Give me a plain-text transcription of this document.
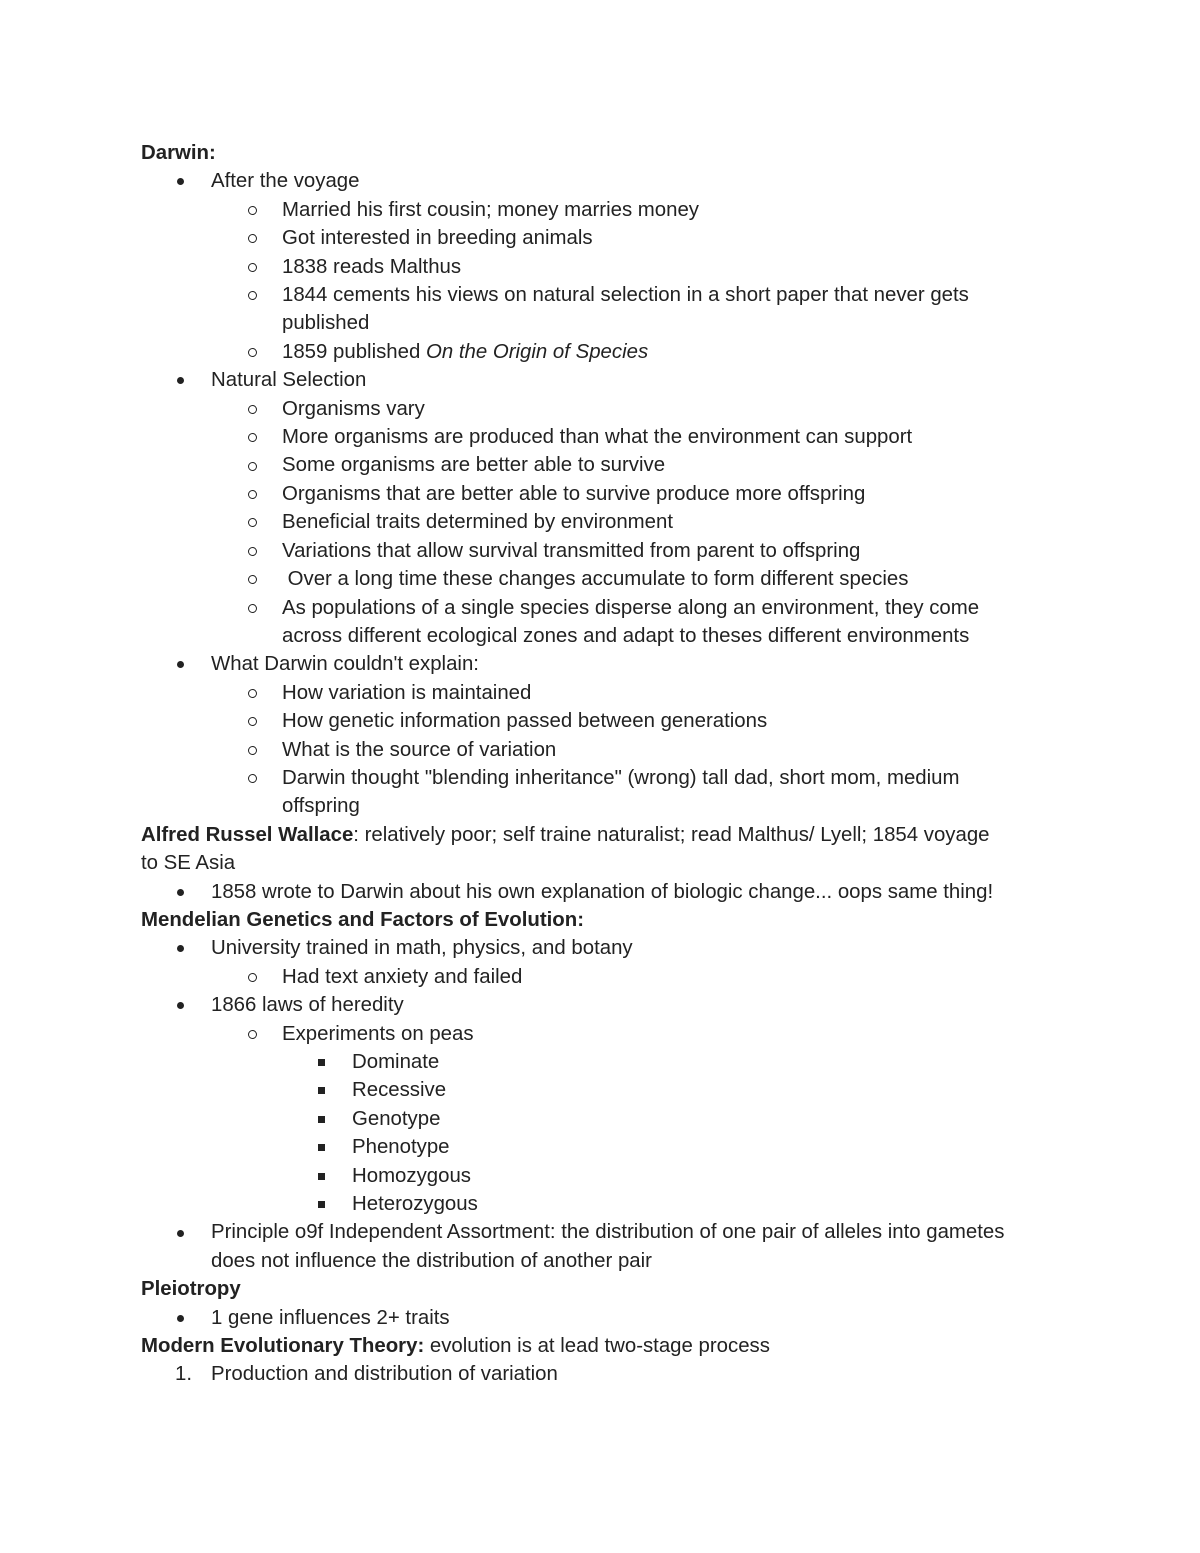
Darwin:
After the voyage
Married his first cousin; money marries money
Got interested in breeding animals
1838 reads Malthus
1844 cements his views on natural selection in a short paper that never gets
published
1859 published On the Origin of Species
Natural Selection
Organisms vary
More organisms are produced than what the environment can support
Some organisms are better able to survive
Organisms that are better able to survive produce more offspring
Beneficial traits determined by environment
Variations that allow survival transmitted from parent to offspring
Over a long time these changes accumulate to form different species
As populations of a single species disperse along an environment, they come
across different ecological zones and adapt to theses different environments
What Darwin couldn't explain:
How variation is maintained
How genetic information passed between generations
What is the source of variation
Darwin thought "blending inheritance" (wrong) tall dad, short mom, medium
offspring
Alfred Russel Wallace: relatively poor; self traine naturalist; read Malthus/ Lyell; 1854 voyage
to SE Asia
1858 wrote to Darwin about his own explanation of biologic change... oops same thing!
Mendelian Genetics and Factors of Evolution:
University trained in math, physics, and botany
Had text anxiety and failed
1866 laws of heredity
Experiments on peas
Dominate
Recessive
Genotype
Phenotype
Homozygous
Heterozygous
Principle o9f Independent Assortment: the distribution of one pair of alleles into gametes
does not influence the distribution of another pair
Pleiotropy
1 gene influences 2+ traits
Modern Evolutionary Theory: evolution is at lead two-stage process
1. Production and distribution of variation
